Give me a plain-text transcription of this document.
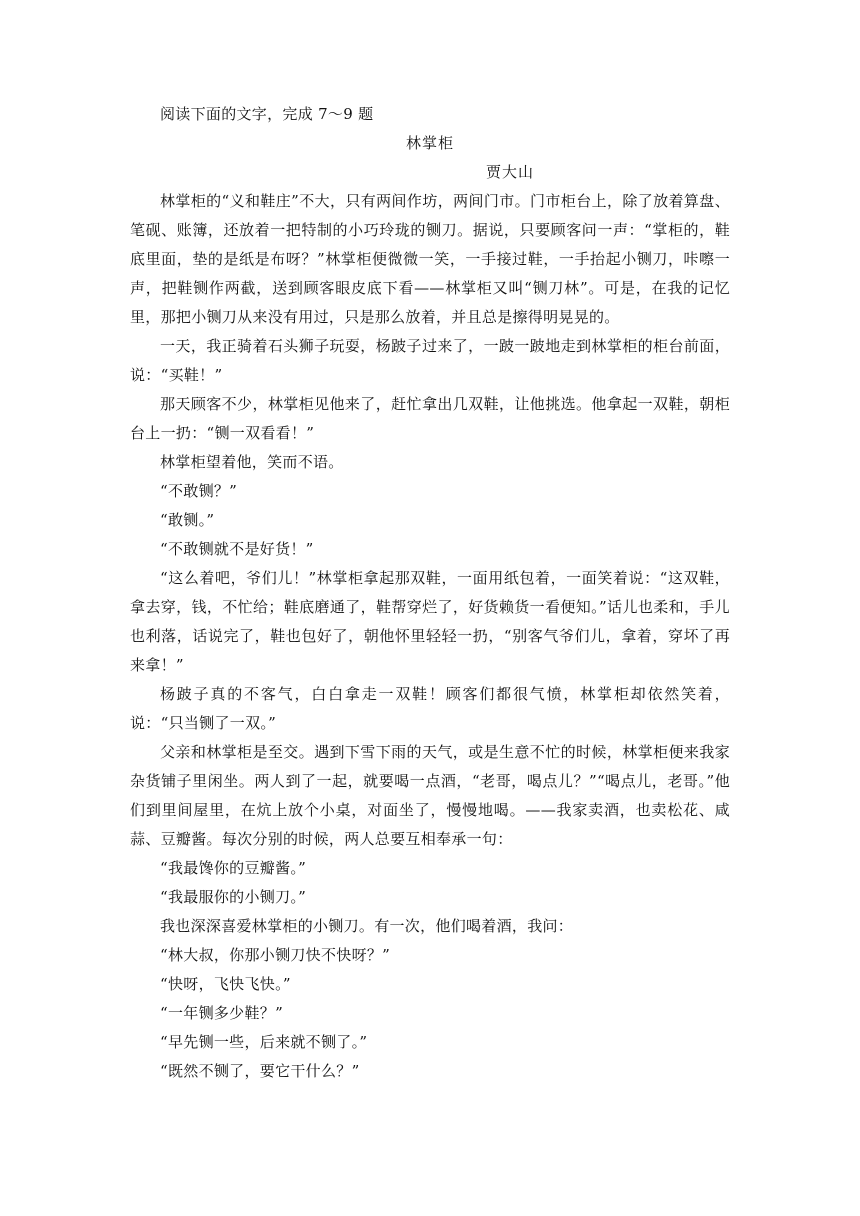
阅读下面的文字，完成 7～9 题
林掌柜
贾大山
林掌柜的“义和鞋庄”不大，只有两间作坊，两间门市。门市柜台上，除了放着算盘、笔砚、账簿，还放着一把特制的小巧玲珑的铡刀。据说，只要顾客问一声：“掌柜的，鞋底里面，垫的是纸是布呀？”林掌柜便微微一笑，一手接过鞋，一手抬起小铡刀，咔嚓一声，把鞋铡作两截，送到顾客眼皮底下看——林掌柜又叫“铡刀林”。可是，在我的记忆里，那把小铡刀从来没有用过，只是那么放着，并且总是擦得明晃晃的。
一天，我正骑着石头狮子玩耍，杨跛子过来了，一跛一跛地走到林掌柜的柜台前面，说：“买鞋！”
那天顾客不少，林掌柜见他来了，赶忙拿出几双鞋，让他挑选。他拿起一双鞋，朝柜台上一扔：“铡一双看看！”
林掌柜望着他，笑而不语。
“不敢铡？”
“敢铡。”
“不敢铡就不是好货！”
“这么着吧，爷们儿！”林掌柜拿起那双鞋，一面用纸包着，一面笑着说：“这双鞋，拿去穿，钱，不忙给；鞋底磨通了，鞋帮穿烂了，好货赖货一看便知。”话儿也柔和，手儿也利落，话说完了，鞋也包好了，朝他怀里轻轻一扔，“别客气爷们儿，拿着，穿坏了再来拿！”
杨跛子真的不客气，白白拿走一双鞋！顾客们都很气愤，林掌柜却依然笑着，说：“只当铡了一双。”
父亲和林掌柜是至交。遇到下雪下雨的天气，或是生意不忙的时候，林掌柜便来我家杂货铺子里闲坐。两人到了一起，就要喝一点酒，“老哥，喝点儿？”“喝点儿，老哥。”他们到里间屋里，在炕上放个小桌，对面坐了，慢慢地喝。——我家卖酒，也卖松花、咸蒜、豆瓣酱。每次分别的时候，两人总要互相奉承一句：
“我最馋你的豆瓣酱。”
“我最服你的小铡刀。”
我也深深喜爱林掌柜的小铡刀。有一次，他们喝着酒，我问：
“林大叔，你那小铡刀快不快呀？”
“快呀，飞快飞快。”
“一年铡多少鞋？”
“早先铡一些，后来就不铡了。”
“既然不铡了，要它干什么？”
